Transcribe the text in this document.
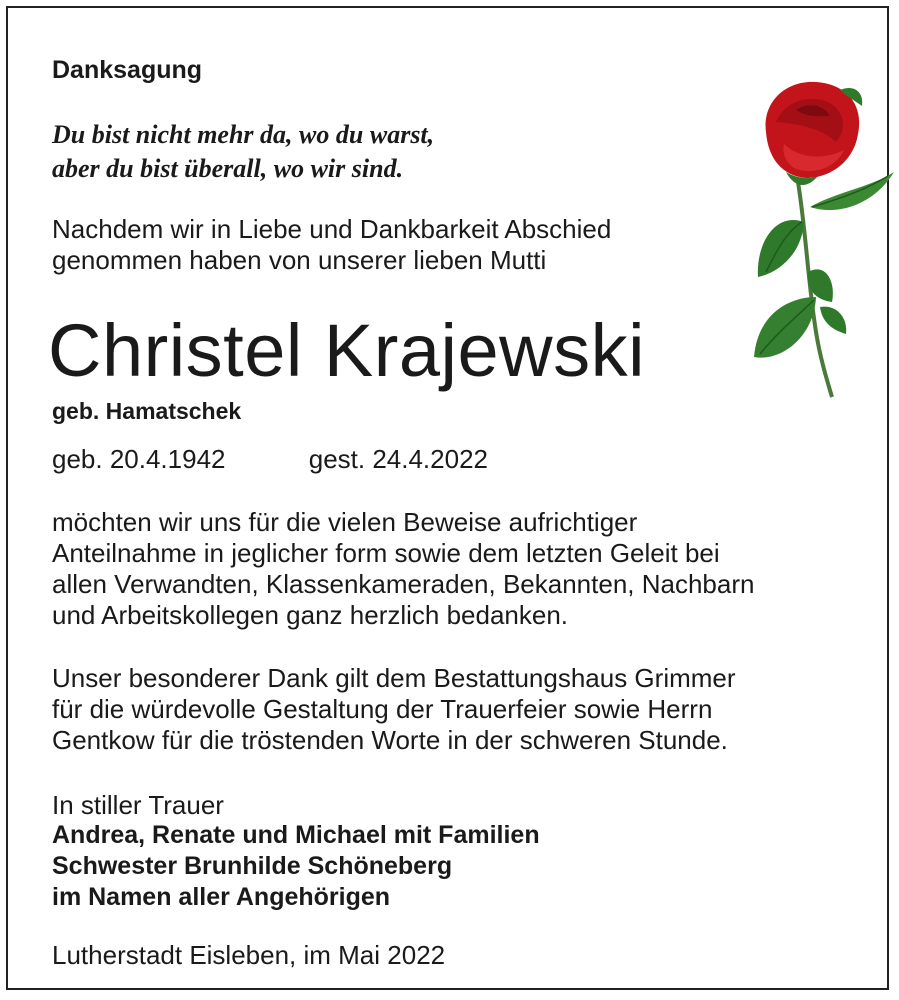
Danksagung

Du bist nicht mehr da, wo du warst,
aber du bist überall, wo wir sind.

Nachdem wir in Liebe und Dankbarkeit Abschied
genommen haben von unserer lieben Mutti

Christel Krajewski

geb. Hamatschek

geb. 20.4.1942	gest. 24.4.2022

möchten wir uns für die vielen Beweise aufrichtiger
Anteilnahme in jeglicher form sowie dem letzten Geleit bei
allen Verwandten, Klassenkameraden, Bekannten, Nachbarn
und Arbeitskollegen ganz herzlich bedanken.

Unser besonderer Dank gilt dem Bestattungshaus Grimmer
für die würdevolle Gestaltung der Trauerfeier sowie Herrn
Gentkow für die tröstenden Worte in der schweren Stunde.

In stiller Trauer

Andrea, Renate und Michael mit Familien
Schwester Brunhilde Schöneberg
im Namen aller Angehörigen

Lutherstadt Eisleben, im Mai 2022
